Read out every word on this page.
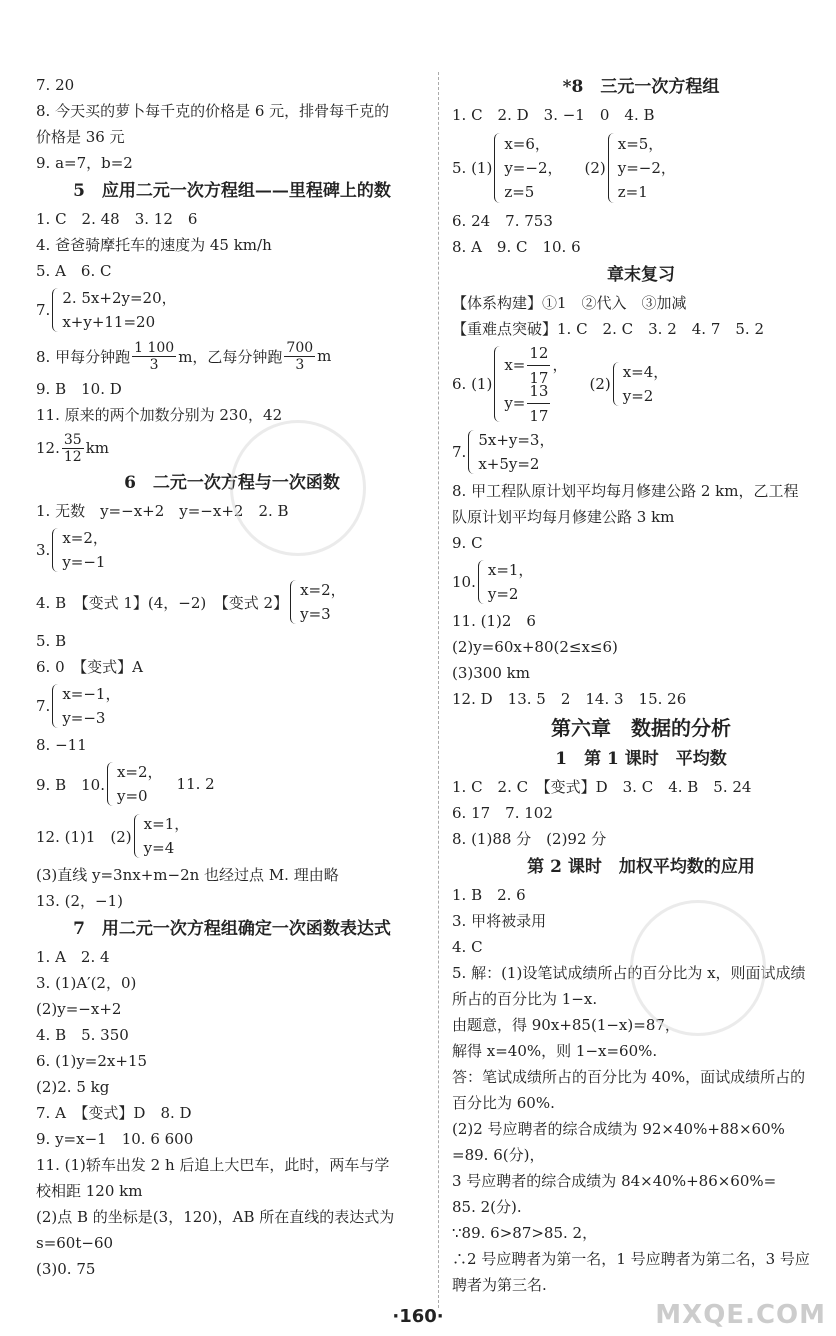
7. 20
8. 今天买的萝卜每千克的价格是 6 元，排骨每千克的
价格是 36 元
9. a=7，b=2
5　应用二元一次方程组——里程碑上的数
1. C　2. 48　3. 12　6
4. 爸爸骑摩托车的速度为 45 km/h
5. A　6. C
7.
2. 5x+2y=20，
x+y+11=20
8. 甲每分钟跑 $\frac{1 100}{3}$ m，乙每分钟跑 $\frac{700}{3}$ m
9. B　10. D
11. 原来的两个加数分别为 230，42
12. $\frac{35}{12}$ km
6　二元一次方程与一次函数
1. 无数　y=−x+2　y=−x+2　2. B
3.
x=2，
y=−1
4. B　【变式 1】(4，−2)　【变式 2】
x=2，
y=3
5. B
6. 0　【变式】A
7.
x=−1，
y=−3
8. −11
9. B　10.
x=2，
y=0
11. 2
12. (1)1　(2)
x=1，
y=4
(3)直线 y=3nx+m−2n 也经过点 M. 理由略
13. (2，−1)
7　用二元一次方程组确定一次函数表达式
1. A　2. 4
3. (1)A′(2，0)
(2)y=−x+2
4. B　5. 350
6. (1)y=2x+15
(2)2. 5 kg
7. A　【变式】D　8. D
9. y=x−1　10. 6 600
11. (1)轿车出发 2 h 后追上大巴车，此时，两车与学
校相距 120 km
(2)点 B 的坐标是(3，120)，AB 所在直线的表达式为
s=60t−60
(3)0. 75
*8　三元一次方程组
1. C　2. D　3. −1　0　4. B
5. (1)
x=6，
y=−2，
z=5
(2)
x=5，
y=−2，
z=1
6. 24　7. 753
8. A　9. C　10. 6
章末复习
【体系构建】①1　②代入　③加减
【重难点突破】1. C　2. C　3. 2　4. 7　5. 2
6. (1)
$x= \frac{12}{17}$ ，
$y= \frac{13}{17}$	(2)
x=4，
y=2
7.
5x+y=3，
x+5y=2
8. 甲工程队原计划平均每月修建公路 2 km，乙工程
队原计划平均每月修建公路 3 km
9. C
10.
x=1，
y=2
11. (1)2　6
(2)y=60x+80(2≤x≤6)
(3)300 km
12. D　13. 5　2　14. 3　15. 26
第六章　数据的分析
1　第 1 课时　平均数
1. C　2. C　【变式】D　3. C　4. B　5. 24
6. 17　7. 102
8. (1)88 分　(2)92 分
第 2 课时　加权平均数的应用
1. B　2. 6
3. 甲将被录用
4. C
5. 解：(1)设笔试成绩所占的百分比为 x，则面试成绩
所占的百分比为 1−x.
由题意，得 90x+85(1−x)=87，
解得 x=40%，则 1−x=60%.
答：笔试成绩所占的百分比为 40%，面试成绩所占的
百分比为 60%.
(2)2 号应聘者的综合成绩为 92×40%+88×60%
=89. 6(分)，
3 号应聘者的综合成绩为 84×40%+86×60%=
85. 2(分).
∵89. 6>87>85. 2，
∴2 号应聘者为第一名，1 号应聘者为第二名，3 号应
聘者为第三名.
·160·	MXQE.COM
